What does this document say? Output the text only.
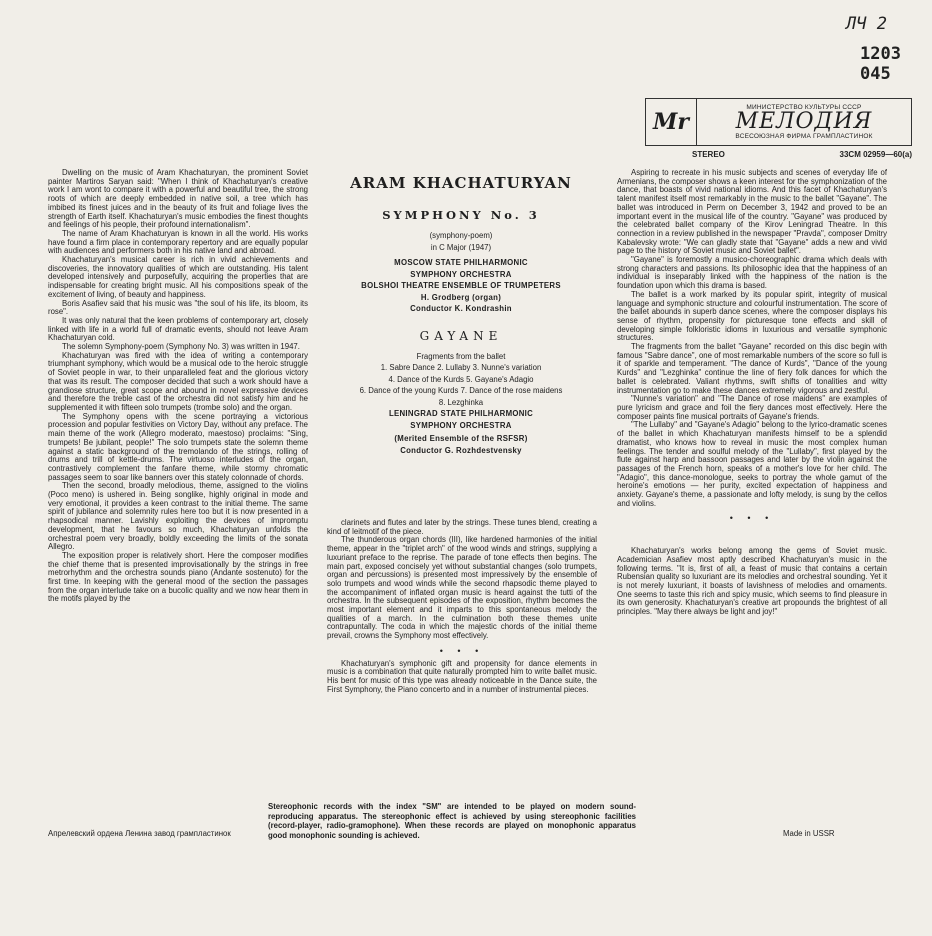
ЛЧ 2
1203
045
Mr
МИНИСТЕРСТВО КУЛЬТУРЫ СССР
МЕЛОДИЯ
ВСЕСОЮЗНАЯ ФИРМА ГРАМПЛАСТИНОК
STEREO	33CM 02959—60(a)

Dwelling on the music of Aram Khachaturyan, the prominent Soviet painter Martiros Saryan said: "When I think of Khachaturyan's creative work I am wont to compare it with a powerful and beautiful tree, the strong roots of which are deeply embedded in native soil, a tree which has imbibed its finest juices and in the beauty of its fruit and foliage lives the strength of Earth itself. Khachaturyan's music embodies the finest thoughts and feelings of his people, their profound internationalism".

The name of Aram Khachaturyan is known in all the world. His works have found a firm place in contemporary repertory and are equally popular with audiences and performers both in his native land and abroad.

Khachaturyan's musical career is rich in vivid achievements and discoveries, the innovatory qualities of which are outstanding. His talent developed intensively and purposefully, acquiring the properties that are indispensable for creating bright music. All his compositions speak of the excitement of living, of beauty and happiness.

Boris Asafiev said that his music was "the soul of his life, its bloom, its rose".

It was only natural that the keen problems of contemporary art, closely linked with life in a world full of dramatic events, should not leave Aram Khachaturyan cold.

The solemn Symphony-poem (Symphony No. 3) was written in 1947.

Khachaturyan was fired with the idea of writing a contemporary triumphant symphony, which would be a musical ode to the heroic struggle of Soviet people in war, to their unparalleled feat and the glorious victory that was its result. The composer decided that such a work should have a grandiose structure, great scope and abound in novel expressive devices and therefore the treble cast of the orchestra did not satisfy him and he supplemented it with fifteen solo trumpets (trombe solo) and the organ.

The Symphony opens with the scene portraying a victorious procession and popular festivities on Victory Day, without any preface. The main theme of the work (Allegro moderato, maestoso) proclaims: "Sing, trumpets! Be jubilant, people!" The solo trumpets state the solemn theme against a static background of the tremolando of the strings, rolling of drums and trill of kettle-drums. The virtuoso interludes of the organ, contrastively complement the fanfare theme, while stormy chromatic passages seem to soar like banners over this stately colonnade of chords.

Then the second, broadly melodious, theme, assigned to the violins (Poco meno) is ushered in. Being songlike, highly original in mode and very emotional, it provides a keen contrast to the initial theme. The same spirit of jubilance and solemnity rules here too but it is now presented in a rhapsodical manner. Lavishly exploiting the devices of impromptu development, that he favours so much, Khachaturyan unfolds the orchestral poem very broadly, boldly exceeding the limits of the sonata Allegro.

The exposition proper is relatively short. Here the composer modifies the chief theme that is presented improvisationally by the strings in free metrorhythm and the orchestra sounds piano (Andante sostenuto) for the first time. In keeping with the general mood of the section the passages from the organ interlude take on a bucolic quality and we now hear them in the motifs played by the

ARAM KHACHATURYAN
SYMPHONY No. 3
(symphony-poem)
in C Major (1947)
MOSCOW STATE PHILHARMONIC
SYMPHONY ORCHESTRA
BOLSHOI THEATRE ENSEMBLE OF TRUMPETERS
H. Grodberg (organ)
Conductor K. Kondrashin
GAYANE
Fragments from the ballet
1. Sabre Dance 2. Lullaby 3. Nunne's variation
4. Dance of the Kurds 5. Gayane's Adagio
6. Dance of the young Kurds 7. Dance of the rose maidens
8. Lezghinka
LENINGRAD STATE PHILHARMONIC
SYMPHONY ORCHESTRA
(Merited Ensemble of the RSFSR)
Conductor G. Rozhdestvensky

clarinets and flutes and later by the strings. These tunes blend, creating a kind of leitmotif of the piece.

The thunderous organ chords (III), like hardened harmonies of the initial theme, appear in the "triplet arch" of the wood winds and strings, supplying a luxuriant preface to the reprise. The parade of tone effects then begins. The main part, exposed concisely yet without substantial changes (solo trumpets, organ and percussions) is presented most impressively by the ensemble of solo trumpets and wood winds while the second rhapsodic theme played to the accompaniment of inflated organ music is heard against the tutti of the orchestra. In the subsequent episodes of the exposition, rhythm becomes the most important element and it imparts to this spontaneous melody the qualities of a march. In the culmination both these themes unite contrapuntally. The coda in which the majestic chords of the initial theme prevail, crowns the Symphony most effectively.

• • •

Khachaturyan's symphonic gift and propensity for dance elements in music is a combination that quite naturally prompted him to write ballet music. His bent for music of this type was already noticeable in the Dance suite, the First Symphony, the Piano concerto and in a number of instrumental pieces.

Aspiring to recreate in his music subjects and scenes of everyday life of Armenians, the composer shows a keen interest for the symphonization of the dance, that boasts of vivid national idioms. And this facet of Khachaturyan's talent manifest itself most remarkably in the music to the ballet "Gayane". The ballet was introduced in Perm on December 3, 1942 and proved to be an important event in the musical life of the country. "Gayane" was produced by the celebrated ballet company of the Kirov Leningrad Theatre. In this connection in a review published in the newspaper "Pravda", composer Dmitry Kabalevsky wrote: "We can gladly state that "Gayane" adds a new and vivid page to the history of Soviet music and Soviet ballet".

"Gayane" is foremostly a musico-choreographic drama which deals with strong characters and passions. Its philosophic idea that the happiness of an individual is inseparably linked with the happiness of the nation is the foundation upon which this drama is based.

The ballet is a work marked by its popular spirit, integrity of musical language and symphonic structure and colourful instrumentation. The score of the ballet abounds in superb dance scenes, where the composer displays his sense of rhythm, propensity for picturesque tone effects and skill of developing simple folkloristic idioms in luxurious and versatile symphonic structures.

The fragments from the ballet "Gayane" recorded on this disc begin with famous "Sabre dance", one of most remarkable numbers of the score so full is it of sparkle and temperament. "The dance of Kurds", "Dance of the young Kurds" and "Lezghinka" continue the line of fiery folk dances for which the ballet is celebrated. Valiant rhythms, swift shifts of tonalities and witty instrumentation go to make these dances extremely vigorous and zestful.

"Nunne's variation" and "The Dance of rose maidens" are examples of pure lyricism and grace and foil the fiery dances most effectively. Here the composer paints fine musical portraits of Gayane's friends.

"The Lullaby" and "Gayane's Adagio" belong to the lyrico-dramatic scenes of the ballet in which Khachaturyan manifests himself to be a splendid dramatist, who knows how to reveal in music the most complex human feelings. The tender and soulful melody of the "Lullaby", first played by the flute against harp and bassoon passages and later by the violin against the passages of the French horn, speaks of a mother's love for her child. The "Adagio", this dance-monologue, seeks to portray the whole gamut of the heroine's emotions — her purity, excited expectation of happiness and anxiety. Gayane's theme, a passionate and lofty melody, is sung by the cellos and violins.

• • •

Khachaturyan's works belong among the gems of Soviet music. Academician Asafiev most aptly described Khachaturyan's music in the following terms. "It is, first of all, a feast of music that contains a certain Rubensian quality so luxuriant are its melodies and orchestral sounding. Yet it is not merely luxuriant, it boasts of lavishness of melodies and ornaments. One seems to taste this rich and spicy music, which seems to find pleasure in its own generosity. Khachaturyan's creative art propounds the brightest of all principles. "May there always be light and joy!"

Stereophonic records with the index "SM" are intended to be played on modern sound-reproducing apparatus. The stereophonic effect is achieved by using stereophonic facilities (record-player, radio-gramophone). When these records are played on monophonic apparatus good monophonic sounding is achieved.
Апрелевский ордена Ленина завод грампластинок	Made in USSR
